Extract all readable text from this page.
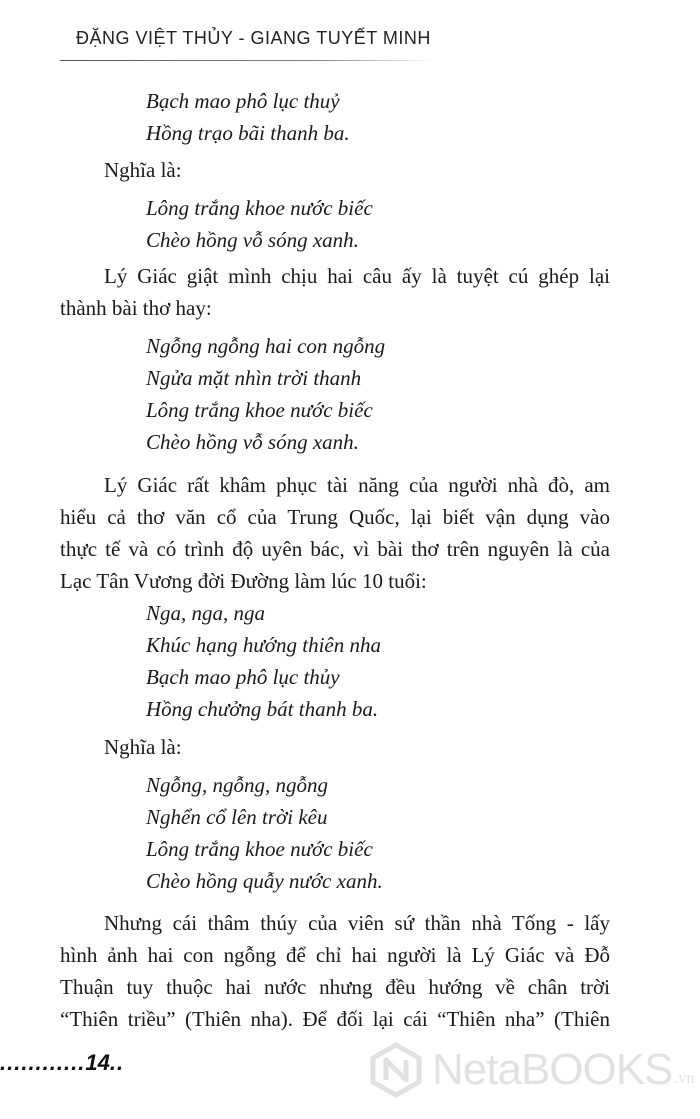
ĐẶNG VIỆT THỦY - GIANG TUYẾT MINH

Bạch mao phô lục thuỷ

Hồng trạo bãi thanh ba.

Nghĩa là:

Lông trắng khoe nước biếc

Chèo hồng vỗ sóng xanh.

Lý Giác giật mình chịu hai câu ấy là tuyệt cú ghép lại
thành bài thơ hay:

Ngỗng ngỗng hai con ngỗng

Ngửa mặt nhìn trời thanh

Lông trắng khoe nước biếc

Chèo hồng vỗ sóng xanh.

Lý Giác rất khâm phục tài năng của người nhà đò, am
hiểu cả thơ văn cổ của Trung Quốc, lại biết vận dụng vào
thực tế và có trình độ uyên bác, vì bài thơ trên nguyên là của
Lạc Tân Vương đời Đường làm lúc 10 tuổi:

Nga, nga, nga

Khúc hạng hướng thiên nha

Bạch mao phô lục thủy

Hồng chưởng bát thanh ba.

Nghĩa là:

Ngỗng, ngỗng, ngỗng

Nghển cổ lên trời kêu

Lông trắng khoe nước biếc

Chèo hồng quẫy nước xanh.

Nhưng cái thâm thúy của viên sứ thần nhà Tống - lấy
hình ảnh hai con ngỗng để chỉ hai người là Lý Giác và Đỗ
Thuận tuy thuộc hai nước nhưng đều hướng về chân trời
“Thiên triều” (Thiên nha). Để đối lại cái “Thiên nha” (Thiên
............14..	NetaBOOKS .vn
